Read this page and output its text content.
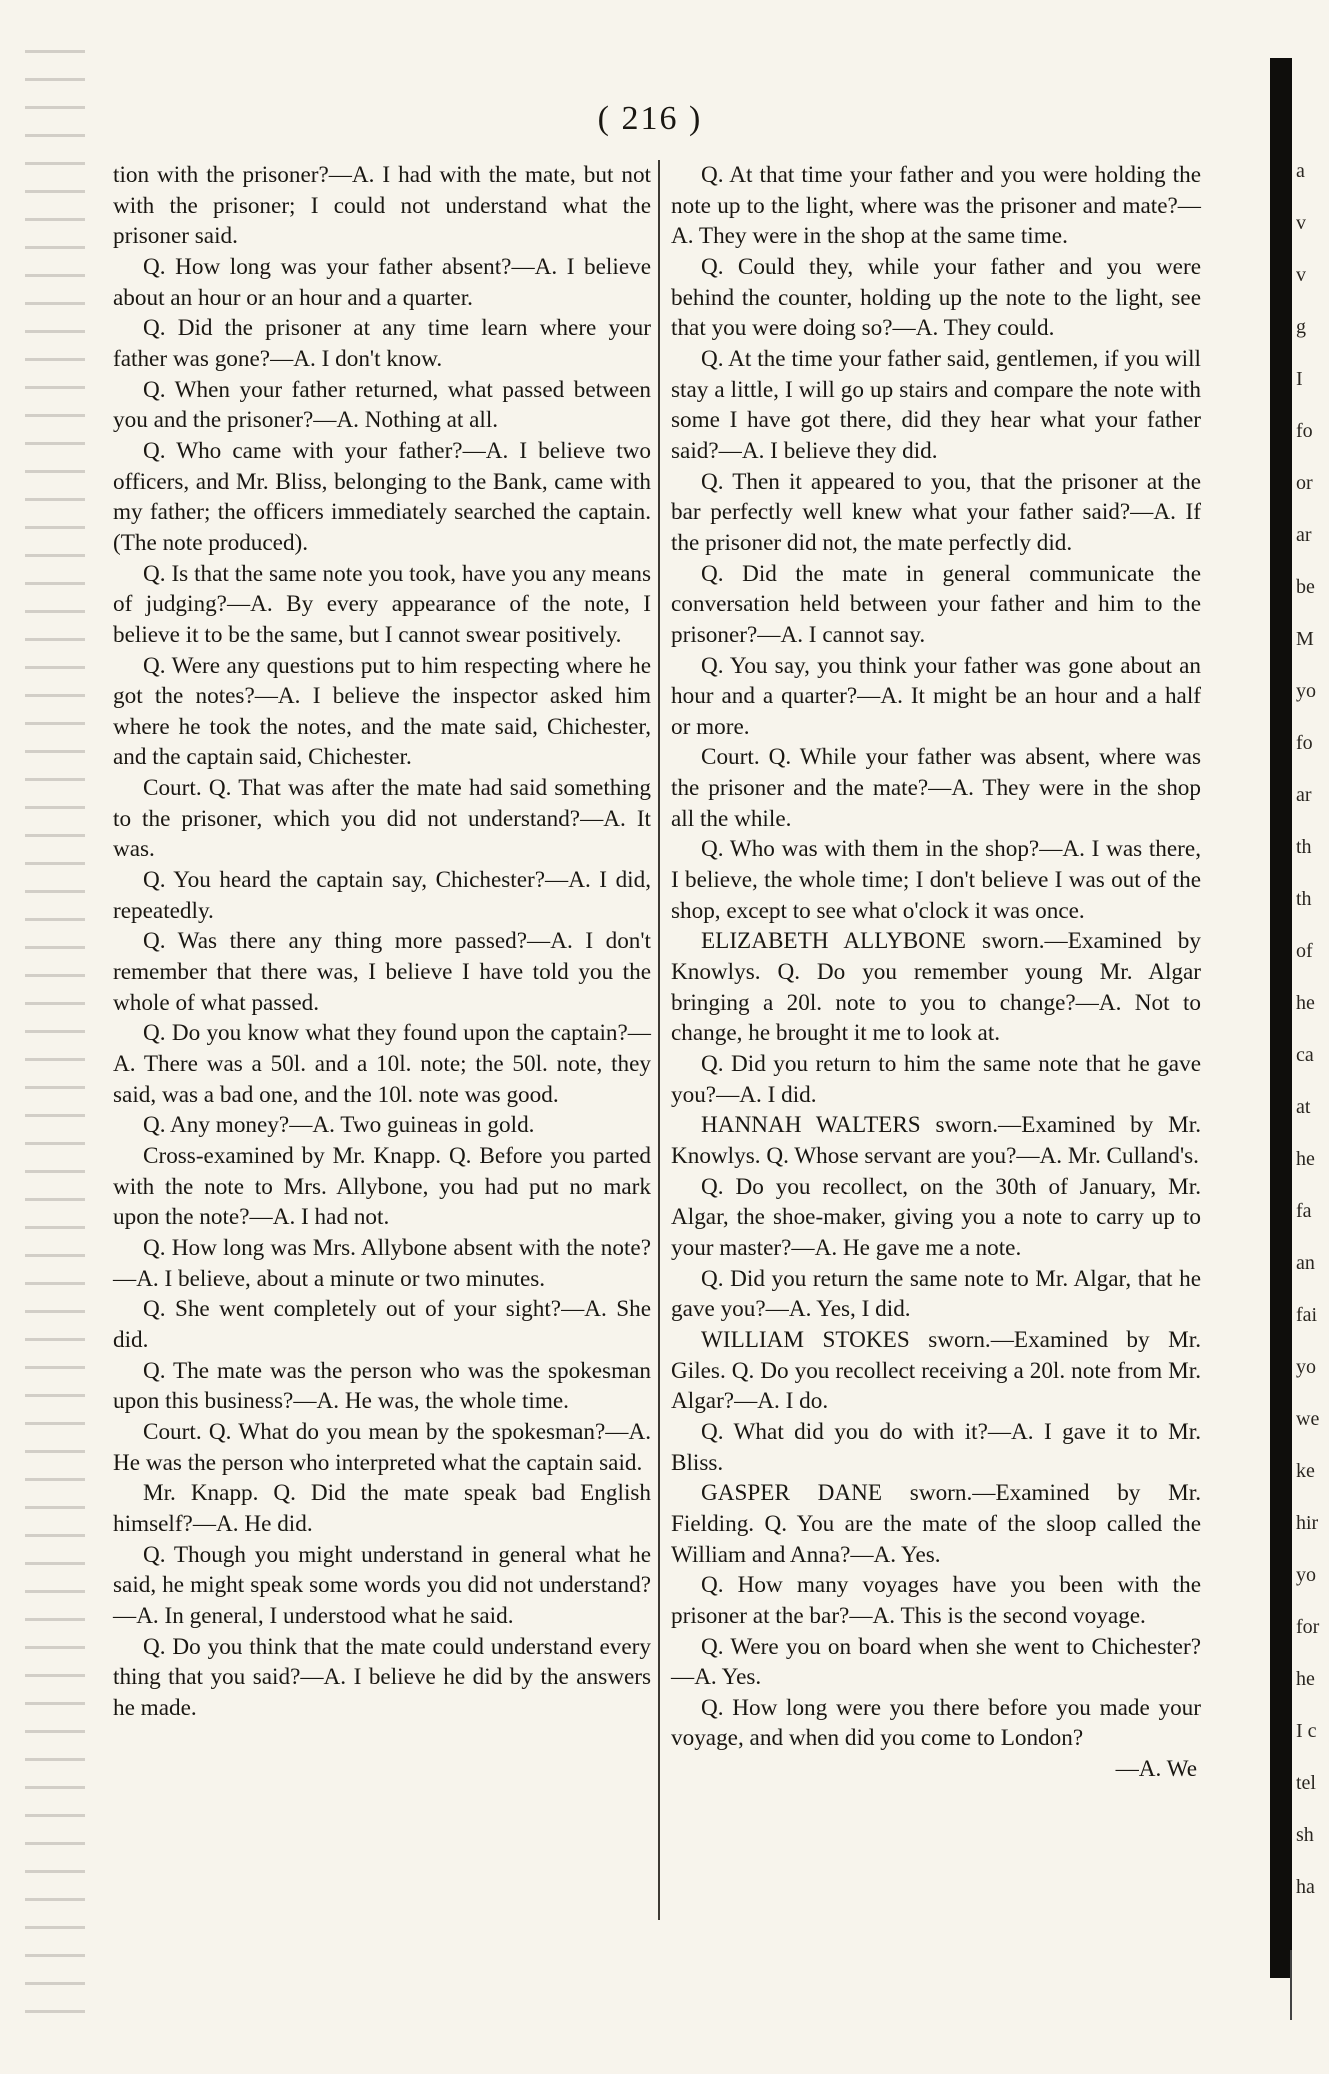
( 216 )

tion with the prisoner?—A. I had with the mate, but not with the prisoner; I could not understand what the prisoner said.

Q. How long was your father absent?—A. I believe about an hour or an hour and a quarter.

Q. Did the prisoner at any time learn where your father was gone?—A. I don't know.

Q. When your father returned, what passed between you and the prisoner?—A. Nothing at all.

Q. Who came with your father?—A. I believe two officers, and Mr. Bliss, belonging to the Bank, came with my father; the officers immediately searched the captain. (The note produced).

Q. Is that the same note you took, have you any means of judging?—A. By every appearance of the note, I believe it to be the same, but I cannot swear positively.

Q. Were any questions put to him respecting where he got the notes?—A. I believe the inspector asked him where he took the notes, and the mate said, Chichester, and the captain said, Chichester.

Court. Q. That was after the mate had said something to the prisoner, which you did not understand?—A. It was.

Q. You heard the captain say, Chichester?—A. I did, repeatedly.

Q. Was there any thing more passed?—A. I don't remember that there was, I believe I have told you the whole of what passed.

Q. Do you know what they found upon the captain?—A. There was a 50l. and a 10l. note; the 50l. note, they said, was a bad one, and the 10l. note was good.

Q. Any money?—A. Two guineas in gold.

Cross-examined by Mr. Knapp. Q. Before you parted with the note to Mrs. Allybone, you had put no mark upon the note?—A. I had not.

Q. How long was Mrs. Allybone absent with the note?—A. I believe, about a minute or two minutes.

Q. She went completely out of your sight?—A. She did.

Q. The mate was the person who was the spokesman upon this business?—A. He was, the whole time.

Court. Q. What do you mean by the spokesman?—A. He was the person who interpreted what the captain said.

Mr. Knapp. Q. Did the mate speak bad English himself?—A. He did.

Q. Though you might understand in general what he said, he might speak some words you did not understand?—A. In general, I understood what he said.

Q. Do you think that the mate could understand every thing that you said?—A. I believe he did by the answers he made.

Q. At that time your father and you were holding the note up to the light, where was the prisoner and mate?—A. They were in the shop at the same time.

Q. Could they, while your father and you were behind the counter, holding up the note to the light, see that you were doing so?—A. They could.

Q. At the time your father said, gentlemen, if you will stay a little, I will go up stairs and compare the note with some I have got there, did they hear what your father said?—A. I believe they did.

Q. Then it appeared to you, that the prisoner at the bar perfectly well knew what your father said?—A. If the prisoner did not, the mate perfectly did.

Q. Did the mate in general communicate the conversation held between your father and him to the prisoner?—A. I cannot say.

Q. You say, you think your father was gone about an hour and a quarter?—A. It might be an hour and a half or more.

Court. Q. While your father was absent, where was the prisoner and the mate?—A. They were in the shop all the while.

Q. Who was with them in the shop?—A. I was there, I believe, the whole time; I don't believe I was out of the shop, except to see what o'clock it was once.

ELIZABETH ALLYBONE sworn.—Examined by Knowlys. Q. Do you remember young Mr. Algar bringing a 20l. note to you to change?—A. Not to change, he brought it me to look at.

Q. Did you return to him the same note that he gave you?—A. I did.

HANNAH WALTERS sworn.—Examined by Mr. Knowlys. Q. Whose servant are you?—A. Mr. Culland's.

Q. Do you recollect, on the 30th of January, Mr. Algar, the shoe-maker, giving you a note to carry up to your master?—A. He gave me a note.

Q. Did you return the same note to Mr. Algar, that he gave you?—A. Yes, I did.

WILLIAM STOKES sworn.—Examined by Mr. Giles. Q. Do you recollect receiving a 20l. note from Mr. Algar?—A. I do.

Q. What did you do with it?—A. I gave it to Mr. Bliss.

GASPER DANE sworn.—Examined by Mr. Fielding. Q. You are the mate of the sloop called the William and Anna?—A. Yes.

Q. How many voyages have you been with the prisoner at the bar?—A. This is the second voyage.

Q. Were you on board when she went to Chichester?—A. Yes.

Q. How long were you there before you made your voyage, and when did you come to London?

—A. We

a
v
v
g
I
fo
or
ar
be
M
yo
fo
ar
th
th
of
he
ca
at
he
fa
an
fai
yo
we
ke
hir
yo
for
he
I c
tel
sh
ha
